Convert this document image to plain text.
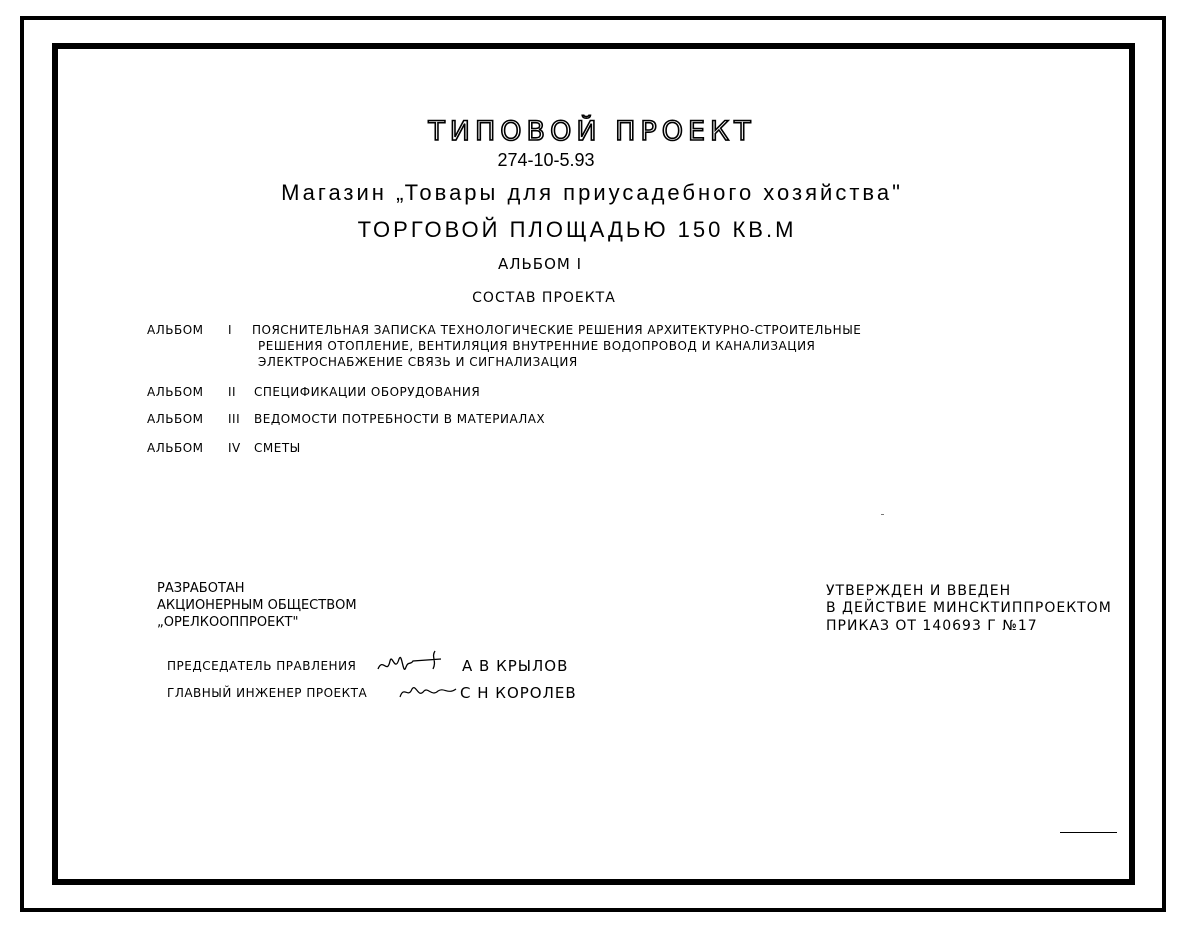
ТИПОВОЙ ПРОЕКТ
274-10-5.93
Магазин „Товары для приусадебного хозяйства"
ТОРГОВОЙ ПЛОЩАДЬЮ 150 КВ.М
АЛЬБОМ I
СОСТАВ ПРОЕКТА
АЛЬБОМ I ПОЯСНИТЕЛЬНАЯ ЗАПИСКА ТЕХНОЛОГИЧЕСКИЕ РЕШЕНИЯ АРХИТЕКТУРНО-СТРОИТЕЛЬНЫЕ
РЕШЕНИЯ ОТОПЛЕНИЕ, ВЕНТИЛЯЦИЯ ВНУТРЕННИЕ ВОДОПРОВОД И КАНАЛИЗАЦИЯ
ЭЛЕКТРОСНАБЖЕНИЕ СВЯЗЬ И СИГНАЛИЗАЦИЯ
АЛЬБОМ II СПЕЦИФИКАЦИИ ОБОРУДОВАНИЯ
АЛЬБОМ III ВЕДОМОСТИ ПОТРЕБНОСТИ В МАТЕРИАЛАХ
АЛЬБОМ IV СМЕТЫ
РАЗРАБОТАН
АКЦИОНЕРНЫМ ОБЩЕСТВОМ
„ОРЕЛКООППРОЕКТ"
УТВЕРЖДЕН И ВВЕДЕН
В ДЕЙСТВИЕ МИНСКТИППРОЕКТОМ
ПРИКАЗ ОТ 140693 Г №17
ПРЕДСЕДАТЕЛЬ ПРАВЛЕНИЯ	А В КРЫЛОВ
ГЛАВНЫЙ ИНЖЕНЕР ПРОЕКТА	С Н КОРОЛЕВ
